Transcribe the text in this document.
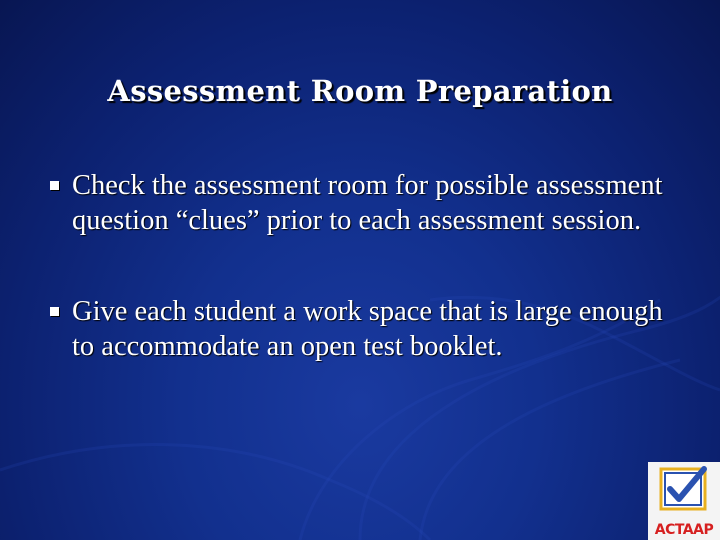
Assessment Room Preparation
Check the assessment room for possible assessment question “clues” prior to each assessment session.
Give each student a work space that is large enough to accommodate an open test booklet.
ACTAAP
